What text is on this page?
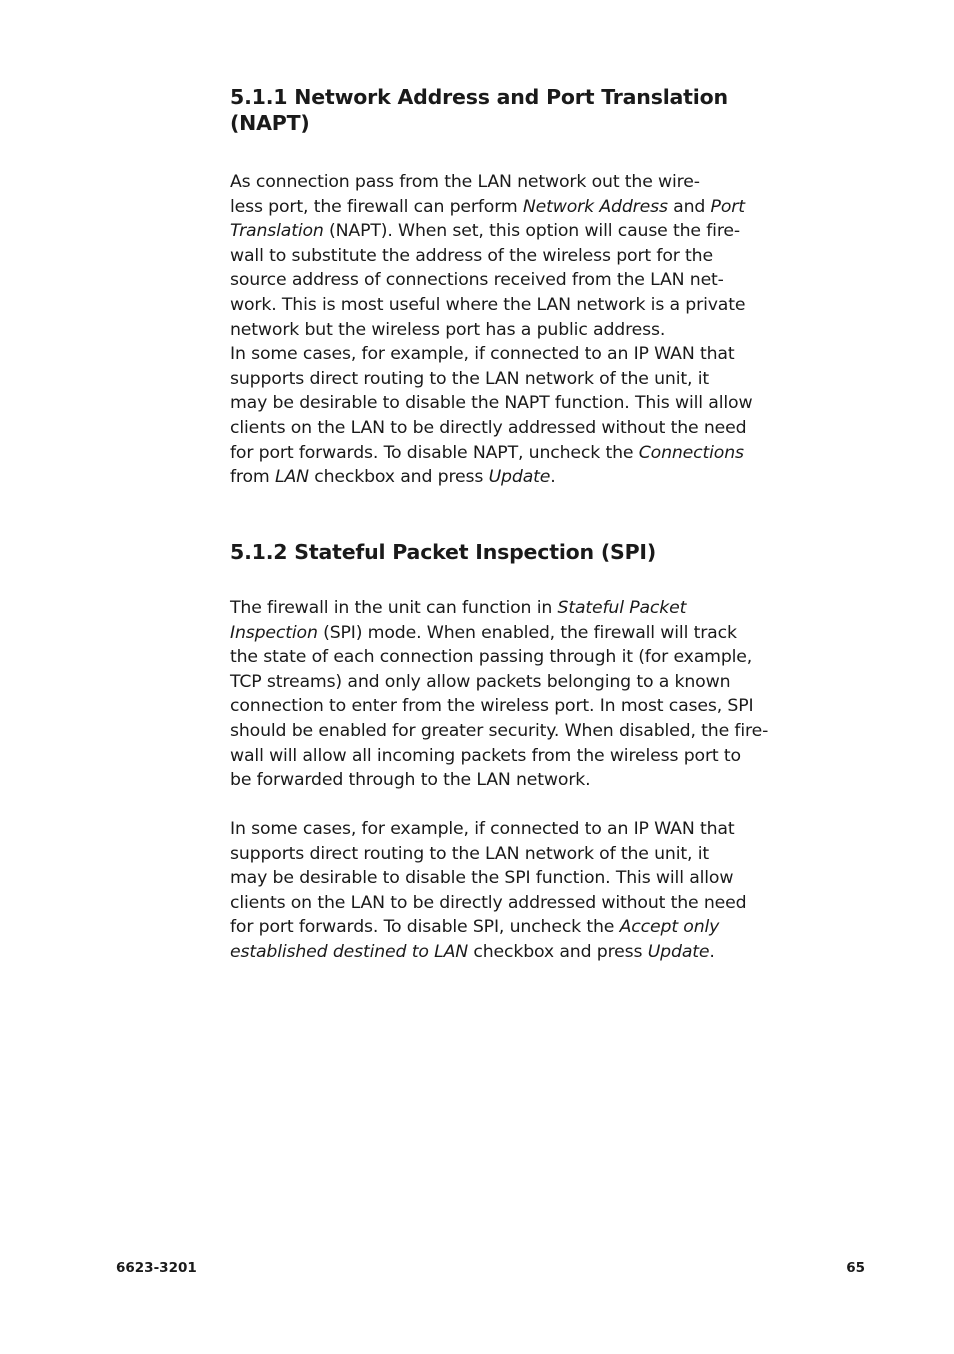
5.1.1 Network Address and Port Translation
(NAPT)

As connection pass from the LAN network out the wire-
less port, the firewall can perform Network Address and Port
Translation (NAPT). When set, this option will cause the fire-
wall to substitute the address of the wireless port for the
source address of connections received from the LAN net-
work. This is most useful where the LAN network is a private
network but the wireless port has a public address.
In some cases, for example, if connected to an IP WAN that
supports direct routing to the LAN network of the unit, it
may be desirable to disable the NAPT function. This will allow
clients on the LAN to be directly addressed without the need
for port forwards. To disable NAPT, uncheck the Connections
from LAN checkbox and press Update.

5.1.2 Stateful Packet Inspection (SPI)

The firewall in the unit can function in Stateful Packet
Inspection (SPI) mode. When enabled, the firewall will track
the state of each connection passing through it (for example,
TCP streams) and only allow packets belonging to a known
connection to enter from the wireless port. In most cases, SPI
should be enabled for greater security. When disabled, the fire-
wall will allow all incoming packets from the wireless port to
be forwarded through to the LAN network.

In some cases, for example, if connected to an IP WAN that
supports direct routing to the LAN network of the unit, it
may be desirable to disable the SPI function. This will allow
clients on the LAN to be directly addressed without the need
for port forwards. To disable SPI, uncheck the Accept only
established destined to LAN checkbox and press Update.

6623-3201	65
